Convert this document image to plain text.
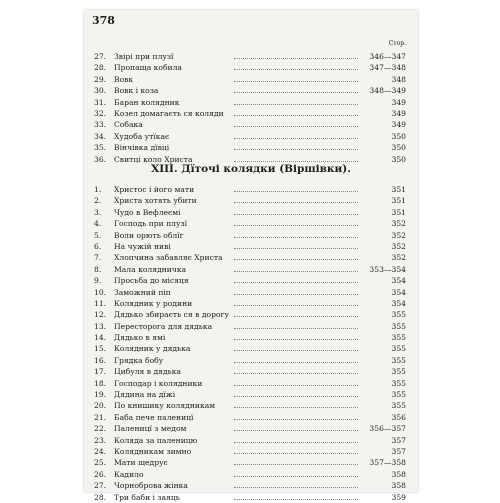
378
Стор.
27.	Звірі при плузї	346—347
28.	Пропаща кобила	347—348
29.	Вовк	348
30.	Вовк і коза	348—349
31.	Баран колядник	349
32.	Козел домагаєть ся коляди	349
33.	Собака	349
34.	Худоба утїкає	350
35.	Вінчівка дївці	350
36.	Свитці коло Христа	350
XIII. Дїточі колядки (Віршівки).
1.	Христос і його мати	351
2.	Христа хотять убити	351
3.	Чудо в Вефлеємі	351
4.	Господь при плузї	352
5.	Воли орють облїг	352
6.	На чужій ниві	352
7.	Хлопчина забавляє Христа	352
8.	Мала колядничка	353—354
9.	Просьба до місяця	354
10.	Заможний піп	354
11.	Колядник у родини	354
12.	Дядько збираєть ся в дорогу	355
13.	Пересторога для дядька	355
14.	Дядько в ямі	355
15.	Колядник у дядька	355
16.	Грядка бобу	355
17.	Цибуля в дядька	355
18.	Господар і колядники	355
19.	Дядина на дїжі	355
20.	По книшику колядникам	355
21.	Баба пече паленицї	356
22.	Паленицї з медом	356—357
23.	Коляда за паленицю	357
24.	Колядникам зимно	357
25.	Мати щедрує	357—358
26.	Кадило	358
27.	Чорноброва жінка	358
28.	Три баби і заяць	359
